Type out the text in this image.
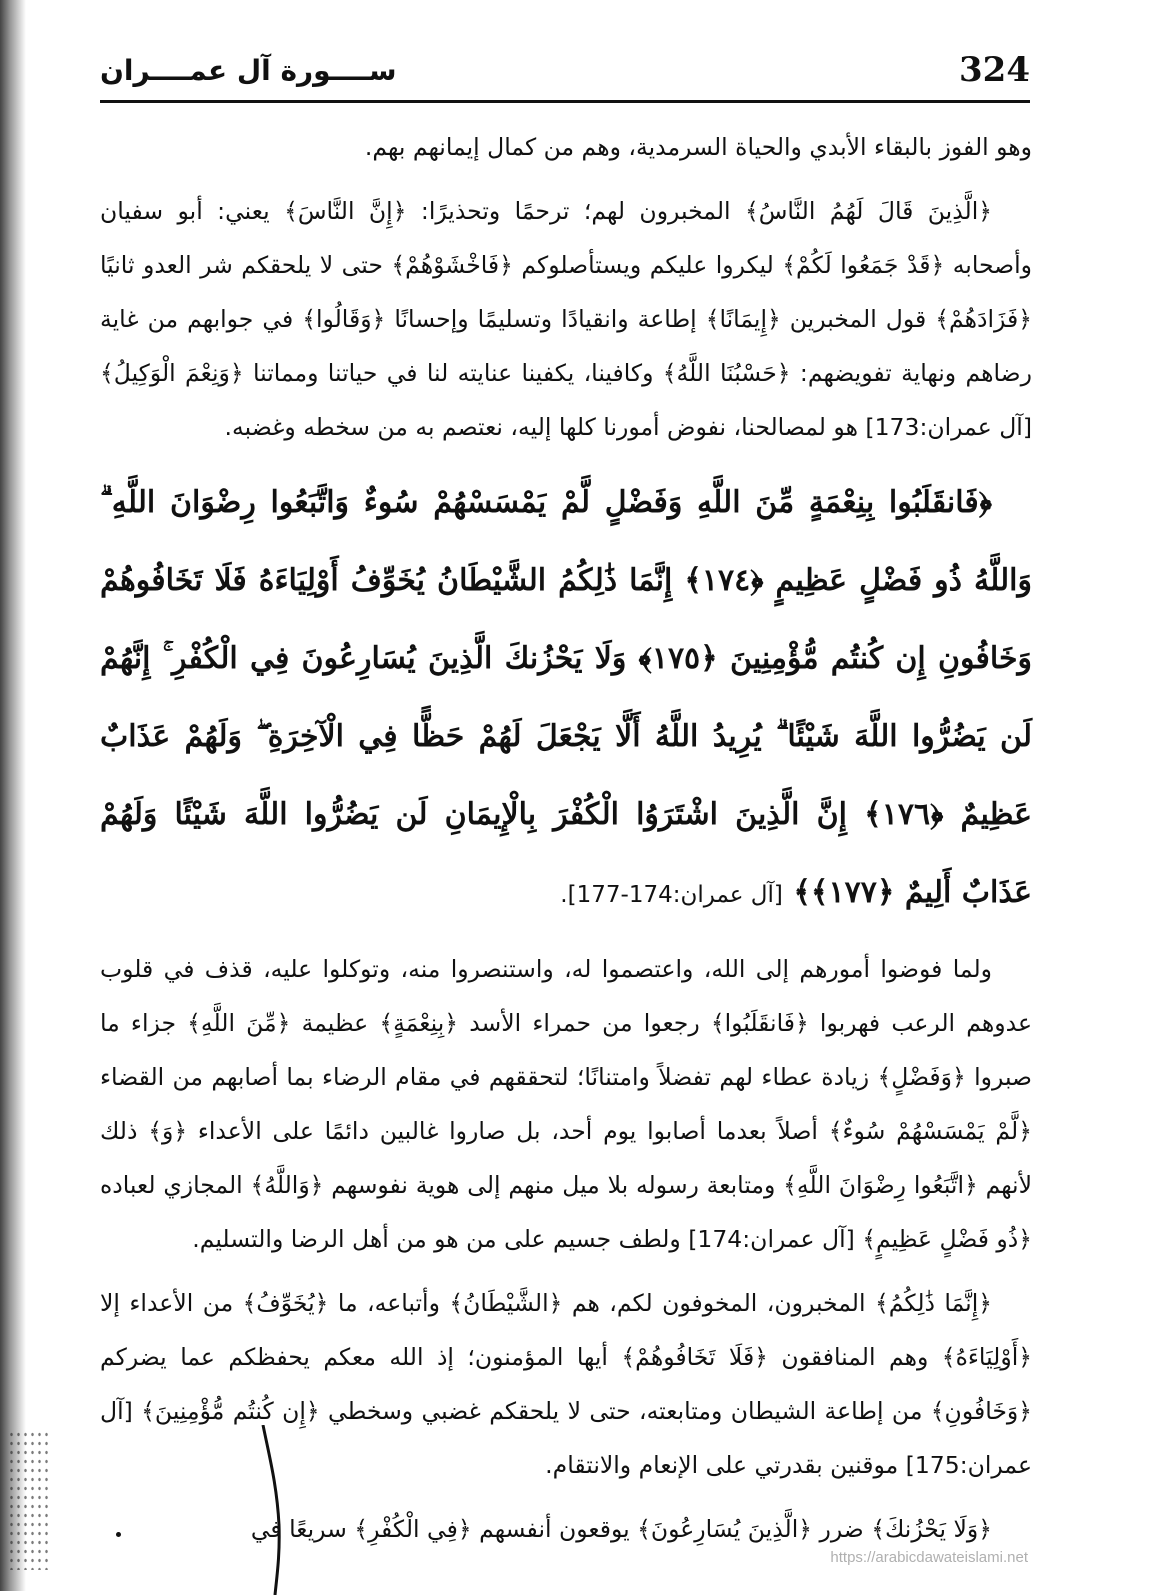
324
ســــورة آل عمــــران

وهو الفوز بالبقاء الأبدي والحياة السرمدية، وهم من كمال إيمانهم بهم.

﴿الَّذِينَ قَالَ لَهُمُ النَّاسُ﴾ المخبرون لهم؛ ترحمًا وتحذيرًا: ﴿إِنَّ النَّاسَ﴾ يعني: أبو سفيان وأصحابه ﴿قَدْ جَمَعُوا لَكُمْ﴾ ليكروا عليكم ويستأصلوكم ﴿فَاخْشَوْهُمْ﴾ حتى لا يلحقكم شر العدو ثانيًا ﴿فَزَادَهُمْ﴾ قول المخبرين ﴿إِيمَانًا﴾ إطاعة وانقيادًا وتسليمًا وإحسانًا ﴿وَقَالُوا﴾ في جوابهم من غاية رضاهم ونهاية تفويضهم: ﴿حَسْبُنَا اللَّهُ﴾ وكافينا، يكفينا عنايته لنا في حياتنا ومماتنا ﴿وَنِعْمَ الْوَكِيلُ﴾ [آل عمران:173] هو لمصالحنا، نفوض أمورنا كلها إليه، نعتصم به من سخطه وغضبه.

﴿فَانقَلَبُوا بِنِعْمَةٍ مِّنَ اللَّهِ وَفَضْلٍ لَّمْ يَمْسَسْهُمْ سُوءٌ وَاتَّبَعُوا رِضْوَانَ اللَّهِ ۗ وَاللَّهُ ذُو فَضْلٍ عَظِيمٍ ﴿١٧٤﴾ إِنَّمَا ذَٰلِكُمُ الشَّيْطَانُ يُخَوِّفُ أَوْلِيَاءَهُ فَلَا تَخَافُوهُمْ وَخَافُونِ إِن كُنتُم مُّؤْمِنِينَ ﴿١٧٥﴾ وَلَا يَحْزُنكَ الَّذِينَ يُسَارِعُونَ فِي الْكُفْرِ ۚ إِنَّهُمْ لَن يَضُرُّوا اللَّهَ شَيْئًا ۗ يُرِيدُ اللَّهُ أَلَّا يَجْعَلَ لَهُمْ حَظًّا فِي الْآخِرَةِ ۖ وَلَهُمْ عَذَابٌ عَظِيمٌ ﴿١٧٦﴾ إِنَّ الَّذِينَ اشْتَرَوُا الْكُفْرَ بِالْإِيمَانِ لَن يَضُرُّوا اللَّهَ شَيْئًا وَلَهُمْ عَذَابٌ أَلِيمٌ ﴿١٧٧﴾﴾ [آل عمران:174-177].

ولما فوضوا أمورهم إلى الله، واعتصموا له، واستنصروا منه، وتوكلوا عليه، قذف في قلوب عدوهم الرعب فهربوا ﴿فَانقَلَبُوا﴾ رجعوا من حمراء الأسد ﴿بِنِعْمَةٍ﴾ عظيمة ﴿مِّنَ اللَّهِ﴾ جزاء ما صبروا ﴿وَفَضْلٍ﴾ زيادة عطاء لهم تفضلاً وامتنانًا؛ لتحققهم في مقام الرضاء بما أصابهم من القضاء ﴿لَّمْ يَمْسَسْهُمْ سُوءٌ﴾ أصلاً بعدما أصابوا يوم أحد، بل صاروا غالبين دائمًا على الأعداء ﴿وَ﴾ ذلك لأنهم ﴿اتَّبَعُوا رِضْوَانَ اللَّهِ﴾ ومتابعة رسوله بلا ميل منهم إلى هوية نفوسهم ﴿وَاللَّهُ﴾ المجازي لعباده ﴿ذُو فَضْلٍ عَظِيمٍ﴾ [آل عمران:174] ولطف جسيم على من هو من أهل الرضا والتسليم.

﴿إِنَّمَا ذَٰلِكُمُ﴾ المخبرون، المخوفون لكم، هم ﴿الشَّيْطَانُ﴾ وأتباعه، ما ﴿يُخَوِّفُ﴾ من الأعداء إلا ﴿أَوْلِيَاءَهُ﴾ وهم المنافقون ﴿فَلَا تَخَافُوهُمْ﴾ أيها المؤمنون؛ إذ الله معكم يحفظكم عما يضركم ﴿وَخَافُونِ﴾ من إطاعة الشيطان ومتابعته، حتى لا يلحقكم غضبي وسخطي ﴿إِن كُنتُم مُّؤْمِنِينَ﴾ [آل عمران:175] موقنين بقدرتي على الإنعام والانتقام.

﴿وَلَا يَحْزُنكَ﴾ ضرر ﴿الَّذِينَ يُسَارِعُونَ﴾ يوقعون أنفسهم ﴿فِي الْكُفْرِ﴾ سريعًا في

https://arabicdawateislami.net
